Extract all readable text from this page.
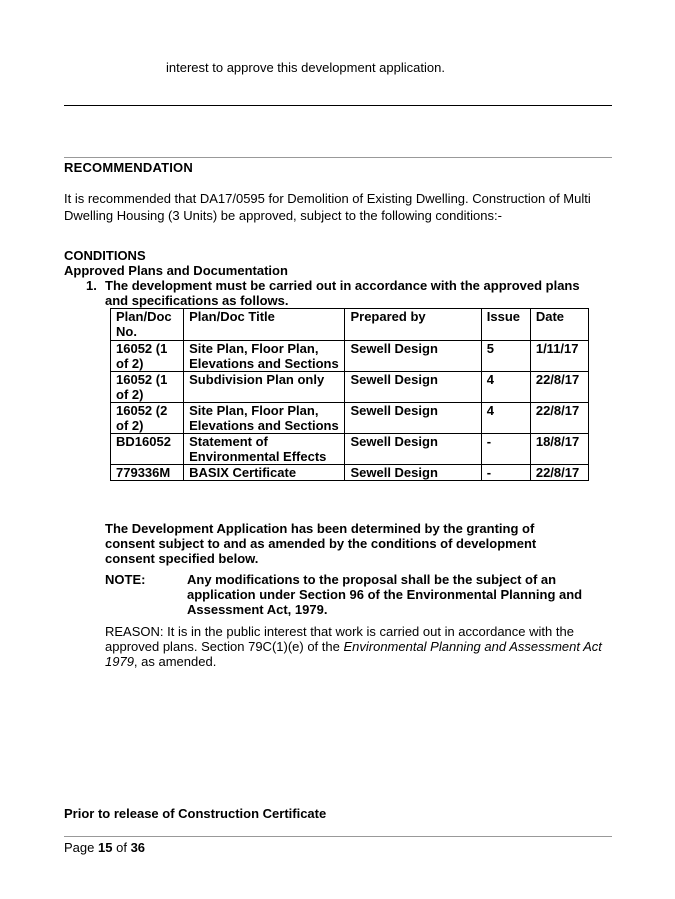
interest to approve this development application.
RECOMMENDATION
It is recommended that DA17/0595 for Demolition of Existing Dwelling. Construction of Multi Dwelling Housing (3 Units) be approved, subject to the following conditions:-
CONDITIONS
Approved Plans and Documentation
1. The development must be carried out in accordance with the approved plans and specifications as follows.
Plan/Doc No.	Plan/Doc Title	Prepared by	Issue	Date
16052 (1 of 2)	Site Plan, Floor Plan, Elevations and Sections	Sewell Design	5	1/11/17
16052 (1 of 2)	Subdivision Plan only	Sewell Design	4	22/8/17
16052 (2 of 2)	Site Plan, Floor Plan, Elevations and Sections	Sewell Design	4	22/8/17
BD16052	Statement of Environmental Effects	Sewell Design	-	18/8/17
779336M	BASIX Certificate	Sewell Design	-	22/8/17
The Development Application has been determined by the granting of consent subject to and as amended by the conditions of development consent specified below.
NOTE:	Any modifications to the proposal shall be the subject of an application under Section 96 of the Environmental Planning and Assessment Act, 1979.
REASON: It is in the public interest that work is carried out in accordance with the approved plans. Section 79C(1)(e) of the Environmental Planning and Assessment Act 1979, as amended.
Prior to release of Construction Certificate
Page 15 of 36
